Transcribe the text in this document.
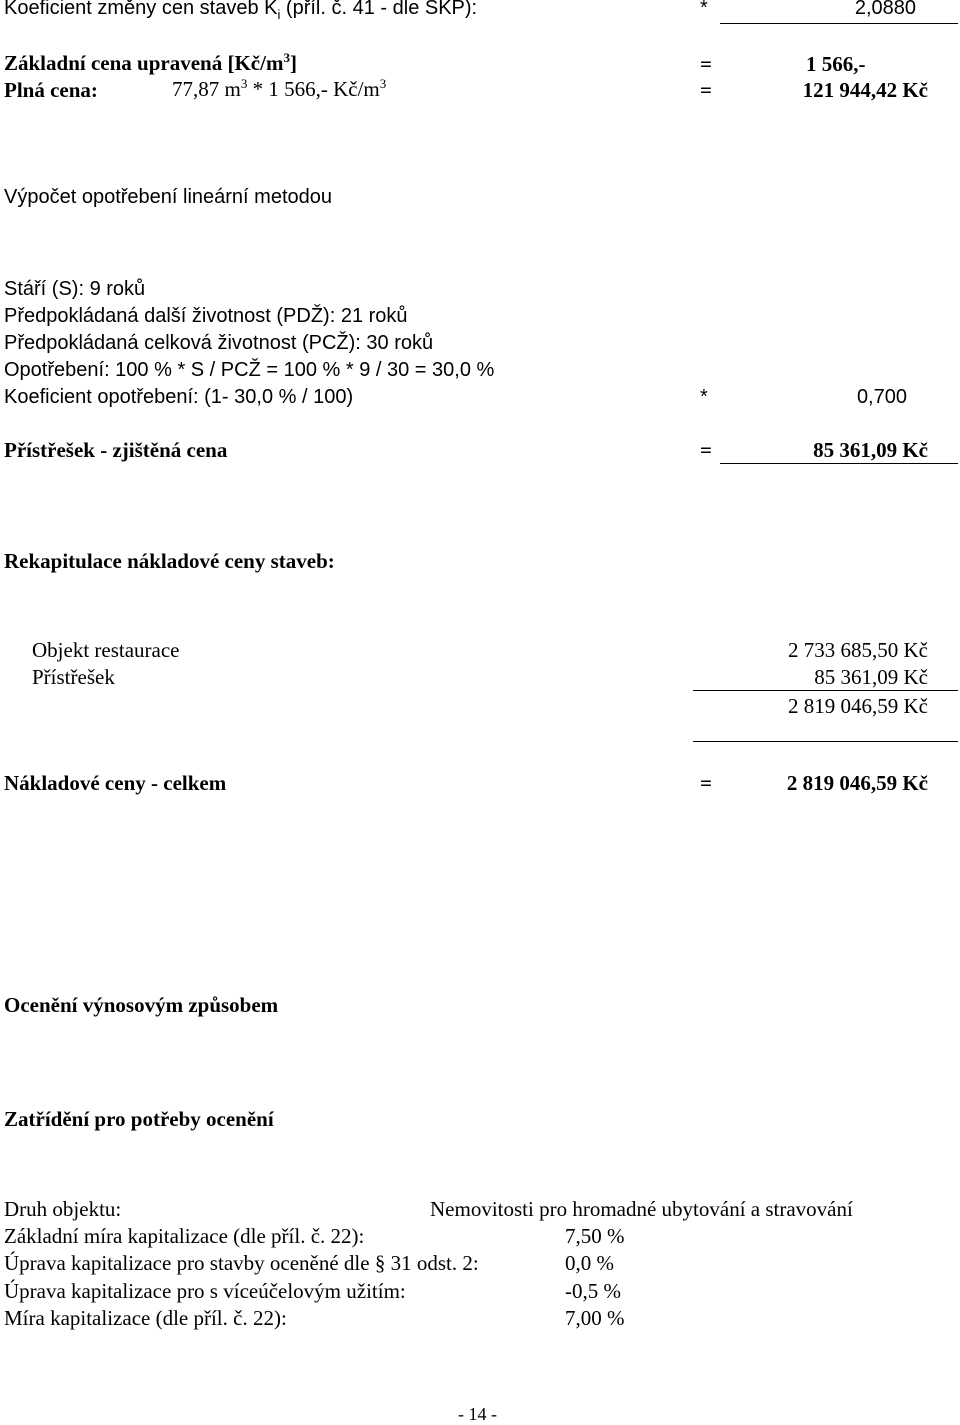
Koeficient změny cen staveb $K_i$ (příl. č. 41 - dle SKP):	*	2,0880
Základní cena upravená $[Kč/m^3]$	=	1 566,-
Plná cena:	77,87 $m^3 * 1$ 566,- $Kč/m^3$	=	121 944,42 Kč
Výpočet opotřebení lineární metodou
Stáří (S): 9 roků
Předpokládaná další životnost (PDŽ): 21 roků
Předpokládaná celková životnost (PCŽ): 30 roků
Opotřebení: 100 % * S / PCŽ = 100 % * 9 / 30 = 30,0 %
Koeficient opotřebení: (1- 30,0 % / 100)	*	0,700
Přístřešek - zjištěná cena	=	85 361,09 Kč
Rekapitulace nákladové ceny staveb:
Objekt restaurace	2 733 685,50 Kč
Přístřešek	85 361,09 Kč
2 819 046,59 Kč
Nákladové ceny - celkem	=	2 819 046,59 Kč
Ocenění výnosovým způsobem
Zatřídění pro potřeby ocenění
Druh objektu:	Nemovitosti pro hromadné ubytování a stravování
Základní míra kapitalizace (dle příl. č. 22):	7,50 %
Úprava kapitalizace pro stavby oceněné dle § 31 odst. 2:	0,0 %
Úprava kapitalizace pro s víceúčelovým užitím:	-0,5 %
Míra kapitalizace (dle příl. č. 22):	7,00 %
- 14 -
